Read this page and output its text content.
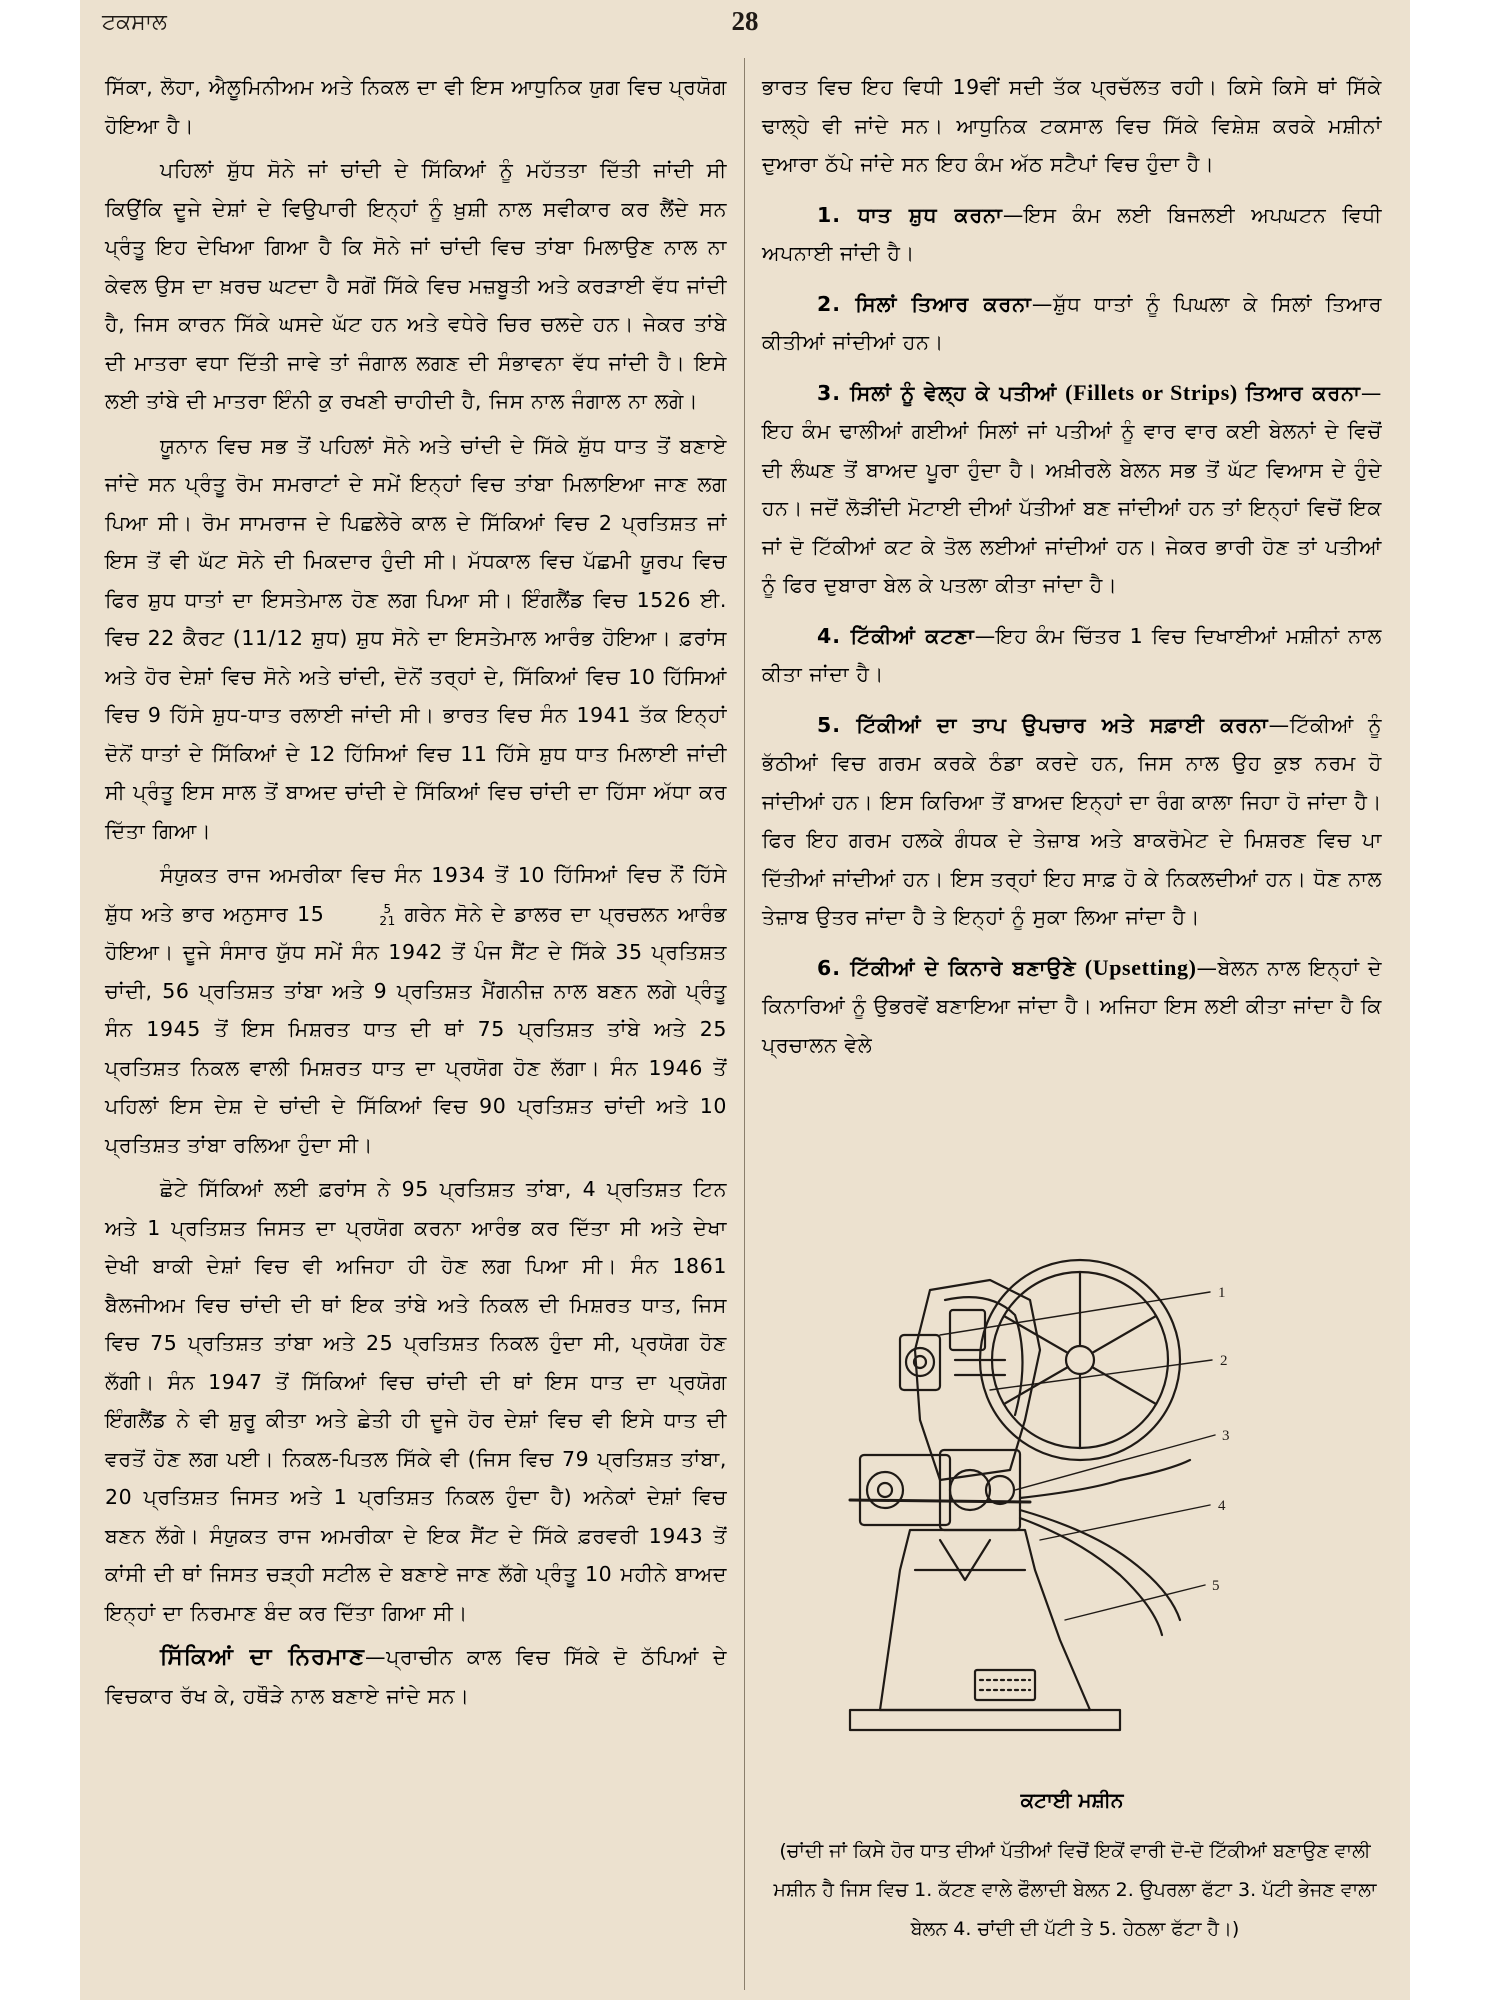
ਟਕਸਾਲ	28

ਸਿੱਕਾ, ਲੋਹਾ, ਐਲੂਮਿਨੀਅਮ ਅਤੇ ਨਿਕਲ ਦਾ ਵੀ ਇਸ ਆਧੁਨਿਕ ਯੁਗ ਵਿਚ ਪ੍ਰਯੋਗ ਹੋਇਆ ਹੈ।

ਪਹਿਲਾਂ ਸ਼ੁੱਧ ਸੋਨੇ ਜਾਂ ਚਾਂਦੀ ਦੇ ਸਿੱਕਿਆਂ ਨੂੰ ਮਹੱਤਤਾ ਦਿੱਤੀ ਜਾਂਦੀ ਸੀ ਕਿਉਂਕਿ ਦੂਜੇ ਦੇਸ਼ਾਂ ਦੇ ਵਿਉਪਾਰੀ ਇਨ੍ਹਾਂ ਨੂੰ ਖ਼ੁਸ਼ੀ ਨਾਲ ਸਵੀਕਾਰ ਕਰ ਲੈਂਦੇ ਸਨ ਪ੍ਰੰਤੂ ਇਹ ਦੇਖਿਆ ਗਿਆ ਹੈ ਕਿ ਸੋਨੇ ਜਾਂ ਚਾਂਦੀ ਵਿਚ ਤਾਂਬਾ ਮਿਲਾਉਣ ਨਾਲ ਨਾ ਕੇਵਲ ਉਸ ਦਾ ਖ਼ਰਚ ਘਟਦਾ ਹੈ ਸਗੋਂ ਸਿੱਕੇ ਵਿਚ ਮਜ਼ਬੂਤੀ ਅਤੇ ਕਰੜਾਈ ਵੱਧ ਜਾਂਦੀ ਹੈ, ਜਿਸ ਕਾਰਨ ਸਿੱਕੇ ਘਸਦੇ ਘੱਟ ਹਨ ਅਤੇ ਵਧੇਰੇ ਚਿਰ ਚਲਦੇ ਹਨ। ਜੇਕਰ ਤਾਂਬੇ ਦੀ ਮਾਤਰਾ ਵਧਾ ਦਿੱਤੀ ਜਾਵੇ ਤਾਂ ਜੰਗਾਲ ਲਗਣ ਦੀ ਸੰਭਾਵਨਾ ਵੱਧ ਜਾਂਦੀ ਹੈ। ਇਸੇ ਲਈ ਤਾਂਬੇ ਦੀ ਮਾਤਰਾ ਇੰਨੀ ਕੁ ਰਖਣੀ ਚਾਹੀਦੀ ਹੈ, ਜਿਸ ਨਾਲ ਜੰਗਾਲ ਨਾ ਲਗੇ।

ਯੂਨਾਨ ਵਿਚ ਸਭ ਤੋਂ ਪਹਿਲਾਂ ਸੋਨੇ ਅਤੇ ਚਾਂਦੀ ਦੇ ਸਿੱਕੇ ਸ਼ੁੱਧ ਧਾਤ ਤੋਂ ਬਣਾਏ ਜਾਂਦੇ ਸਨ ਪ੍ਰੰਤੂ ਰੋਮ ਸਮਰਾਟਾਂ ਦੇ ਸਮੇਂ ਇਨ੍ਹਾਂ ਵਿਚ ਤਾਂਬਾ ਮਿਲਾਇਆ ਜਾਣ ਲਗ ਪਿਆ ਸੀ। ਰੋਮ ਸਾਮਰਾਜ ਦੇ ਪਿਛਲੇਰੇ ਕਾਲ ਦੇ ਸਿੱਕਿਆਂ ਵਿਚ 2 ਪ੍ਰਤਿਸ਼ਤ ਜਾਂ ਇਸ ਤੋਂ ਵੀ ਘੱਟ ਸੋਨੇ ਦੀ ਮਿਕਦਾਰ ਹੁੰਦੀ ਸੀ। ਮੱਧਕਾਲ ਵਿਚ ਪੱਛਮੀ ਯੂਰਪ ਵਿਚ ਫਿਰ ਸ਼ੁਧ ਧਾਤਾਂ ਦਾ ਇਸਤੇਮਾਲ ਹੋਣ ਲਗ ਪਿਆ ਸੀ। ਇੰਗਲੈਂਡ ਵਿਚ 1526 ਈ. ਵਿਚ 22 ਕੈਰਟ (11/12 ਸ਼ੁਧ) ਸ਼ੁਧ ਸੋਨੇ ਦਾ ਇਸਤੇਮਾਲ ਆਰੰਭ ਹੋਇਆ। ਫ਼ਰਾਂਸ ਅਤੇ ਹੋਰ ਦੇਸ਼ਾਂ ਵਿਚ ਸੋਨੇ ਅਤੇ ਚਾਂਦੀ, ਦੋਨੋਂ ਤਰ੍ਹਾਂ ਦੇ, ਸਿੱਕਿਆਂ ਵਿਚ 10 ਹਿੱਸਿਆਂ ਵਿਚ 9 ਹਿੱਸੇ ਸ਼ੁਧ-ਧਾਤ ਰਲਾਈ ਜਾਂਦੀ ਸੀ। ਭਾਰਤ ਵਿਚ ਸੰਨ 1941 ਤੱਕ ਇਨ੍ਹਾਂ ਦੋਨੋਂ ਧਾਤਾਂ ਦੇ ਸਿੱਕਿਆਂ ਦੇ 12 ਹਿੱਸਿਆਂ ਵਿਚ 11 ਹਿੱਸੇ ਸ਼ੁਧ ਧਾਤ ਮਿਲਾਈ ਜਾਂਦੀ ਸੀ ਪ੍ਰੰਤੂ ਇਸ ਸਾਲ ਤੋਂ ਬਾਅਦ ਚਾਂਦੀ ਦੇ ਸਿੱਕਿਆਂ ਵਿਚ ਚਾਂਦੀ ਦਾ ਹਿੱਸਾ ਅੱਧਾ ਕਰ ਦਿੱਤਾ ਗਿਆ।

ਸੰਯੁਕਤ ਰਾਜ ਅਮਰੀਕਾ ਵਿਚ ਸੰਨ 1934 ਤੋਂ 10 ਹਿੱਸਿਆਂ ਵਿਚ ਨੌਂ ਹਿੱਸੇ ਸ਼ੁੱਧ ਅਤੇ ਭਾਰ ਅਨੁਸਾਰ 15	5
21 ਗਰੇਨ ਸੋਨੇ ਦੇ ਡਾਲਰ ਦਾ ਪ੍ਰਚਲਨ ਆਰੰਭ ਹੋਇਆ। ਦੂਜੇ ਸੰਸਾਰ ਯੁੱਧ ਸਮੇਂ ਸੰਨ 1942 ਤੋਂ ਪੰਜ ਸੈਂਟ ਦੇ ਸਿੱਕੇ 35 ਪ੍ਰਤਿਸ਼ਤ ਚਾਂਦੀ, 56 ਪ੍ਰਤਿਸ਼ਤ ਤਾਂਬਾ ਅਤੇ 9 ਪ੍ਰਤਿਸ਼ਤ ਮੈਂਗਨੀਜ਼ ਨਾਲ ਬਣਨ ਲਗੇ ਪ੍ਰੰਤੂ ਸੰਨ 1945 ਤੋਂ ਇਸ ਮਿਸ਼ਰਤ ਧਾਤ ਦੀ ਥਾਂ 75 ਪ੍ਰਤਿਸ਼ਤ ਤਾਂਬੇ ਅਤੇ 25 ਪ੍ਰਤਿਸ਼ਤ ਨਿਕਲ ਵਾਲੀ ਮਿਸ਼ਰਤ ਧਾਤ ਦਾ ਪ੍ਰਯੋਗ ਹੋਣ ਲੱਗਾ। ਸੰਨ 1946 ਤੋਂ ਪਹਿਲਾਂ ਇਸ ਦੇਸ਼ ਦੇ ਚਾਂਦੀ ਦੇ ਸਿੱਕਿਆਂ ਵਿਚ 90 ਪ੍ਰਤਿਸ਼ਤ ਚਾਂਦੀ ਅਤੇ 10 ਪ੍ਰਤਿਸ਼ਤ ਤਾਂਬਾ ਰਲਿਆ ਹੁੰਦਾ ਸੀ।

ਛੋਟੇ ਸਿੱਕਿਆਂ ਲਈ ਫ਼ਰਾਂਸ ਨੇ 95 ਪ੍ਰਤਿਸ਼ਤ ਤਾਂਬਾ, 4 ਪ੍ਰਤਿਸ਼ਤ ਟਿਨ ਅਤੇ 1 ਪ੍ਰਤਿਸ਼ਤ ਜਿਸਤ ਦਾ ਪ੍ਰਯੋਗ ਕਰਨਾ ਆਰੰਭ ਕਰ ਦਿੱਤਾ ਸੀ ਅਤੇ ਦੇਖਾ ਦੇਖੀ ਬਾਕੀ ਦੇਸ਼ਾਂ ਵਿਚ ਵੀ ਅਜਿਹਾ ਹੀ ਹੋਣ ਲਗ ਪਿਆ ਸੀ। ਸੰਨ 1861 ਬੈਲਜੀਅਮ ਵਿਚ ਚਾਂਦੀ ਦੀ ਥਾਂ ਇਕ ਤਾਂਬੇ ਅਤੇ ਨਿਕਲ ਦੀ ਮਿਸ਼ਰਤ ਧਾਤ, ਜਿਸ ਵਿਚ 75 ਪ੍ਰਤਿਸ਼ਤ ਤਾਂਬਾ ਅਤੇ 25 ਪ੍ਰਤਿਸ਼ਤ ਨਿਕਲ ਹੁੰਦਾ ਸੀ, ਪ੍ਰਯੋਗ ਹੋਣ ਲੱਗੀ। ਸੰਨ 1947 ਤੋਂ ਸਿੱਕਿਆਂ ਵਿਚ ਚਾਂਦੀ ਦੀ ਥਾਂ ਇਸ ਧਾਤ ਦਾ ਪ੍ਰਯੋਗ ਇੰਗਲੈਂਡ ਨੇ ਵੀ ਸ਼ੁਰੂ ਕੀਤਾ ਅਤੇ ਛੇਤੀ ਹੀ ਦੂਜੇ ਹੋਰ ਦੇਸ਼ਾਂ ਵਿਚ ਵੀ ਇਸੇ ਧਾਤ ਦੀ ਵਰਤੋਂ ਹੋਣ ਲਗ ਪਈ। ਨਿਕਲ-ਪਿਤਲ ਸਿੱਕੇ ਵੀ (ਜਿਸ ਵਿਚ 79 ਪ੍ਰਤਿਸ਼ਤ ਤਾਂਬਾ, 20 ਪ੍ਰਤਿਸ਼ਤ ਜਿਸਤ ਅਤੇ 1 ਪ੍ਰਤਿਸ਼ਤ ਨਿਕਲ ਹੁੰਦਾ ਹੈ) ਅਨੇਕਾਂ ਦੇਸ਼ਾਂ ਵਿਚ ਬਣਨ ਲੱਗੇ। ਸੰਯੁਕਤ ਰਾਜ ਅਮਰੀਕਾ ਦੇ ਇਕ ਸੈਂਟ ਦੇ ਸਿੱਕੇ ਫ਼ਰਵਰੀ 1943 ਤੋਂ ਕਾਂਸੀ ਦੀ ਥਾਂ ਜਿਸਤ ਚੜ੍ਹੀ ਸਟੀਲ ਦੇ ਬਣਾਏ ਜਾਣ ਲੱਗੇ ਪ੍ਰੰਤੂ 10 ਮਹੀਨੇ ਬਾਅਦ ਇਨ੍ਹਾਂ ਦਾ ਨਿਰਮਾਣ ਬੰਦ ਕਰ ਦਿੱਤਾ ਗਿਆ ਸੀ।

ਸਿੱਕਿਆਂ ਦਾ ਨਿਰਮਾਣ—ਪ੍ਰਾਚੀਨ ਕਾਲ ਵਿਚ ਸਿੱਕੇ ਦੋ ਠੱਪਿਆਂ ਦੇ ਵਿਚਕਾਰ ਰੱਖ ਕੇ, ਹਥੌੜੇ ਨਾਲ ਬਣਾਏ ਜਾਂਦੇ ਸਨ।

ਭਾਰਤ ਵਿਚ ਇਹ ਵਿਧੀ 19ਵੀਂ ਸਦੀ ਤੱਕ ਪ੍ਰਚੱਲਤ ਰਹੀ। ਕਿਸੇ ਕਿਸੇ ਥਾਂ ਸਿੱਕੇ ਢਾਲ੍ਹੇ ਵੀ ਜਾਂਦੇ ਸਨ। ਆਧੁਨਿਕ ਟਕਸਾਲ ਵਿਚ ਸਿੱਕੇ ਵਿਸ਼ੇਸ਼ ਕਰਕੇ ਮਸ਼ੀਨਾਂ ਦੁਆਰਾ ਠੱਪੇ ਜਾਂਦੇ ਸਨ ਇਹ ਕੰਮ ਅੱਠ ਸਟੈਪਾਂ ਵਿਚ ਹੁੰਦਾ ਹੈ।

1. ਧਾਤ ਸ਼ੁਧ ਕਰਨਾ—ਇਸ ਕੰਮ ਲਈ ਬਿਜਲਈ ਅਪਘਟਨ ਵਿਧੀ ਅਪਨਾਈ ਜਾਂਦੀ ਹੈ।

2. ਸਿਲਾਂ ਤਿਆਰ ਕਰਨਾ—ਸ਼ੁੱਧ ਧਾਤਾਂ ਨੂੰ ਪਿਘਲਾ ਕੇ ਸਿਲਾਂ ਤਿਆਰ ਕੀਤੀਆਂ ਜਾਂਦੀਆਂ ਹਨ।

3. ਸਿਲਾਂ ਨੂੰ ਵੇਲ੍ਹ ਕੇ ਪਤੀਆਂ (Fillets or Strips) ਤਿਆਰ ਕਰਨਾ—ਇਹ ਕੰਮ ਢਾਲੀਆਂ ਗਈਆਂ ਸਿਲਾਂ ਜਾਂ ਪਤੀਆਂ ਨੂੰ ਵਾਰ ਵਾਰ ਕਈ ਬੇਲਨਾਂ ਦੇ ਵਿਚੋਂ ਦੀ ਲੰਘਣ ਤੋਂ ਬਾਅਦ ਪੂਰਾ ਹੁੰਦਾ ਹੈ। ਅਖ਼ੀਰਲੇ ਬੇਲਨ ਸਭ ਤੋਂ ਘੱਟ ਵਿਆਸ ਦੇ ਹੁੰਦੇ ਹਨ। ਜਦੋਂ ਲੋੜੀਂਦੀ ਮੋਟਾਈ ਦੀਆਂ ਪੱਤੀਆਂ ਬਣ ਜਾਂਦੀਆਂ ਹਨ ਤਾਂ ਇਨ੍ਹਾਂ ਵਿਚੋਂ ਇਕ ਜਾਂ ਦੋ ਟਿੱਕੀਆਂ ਕਟ ਕੇ ਤੋਲ ਲਈਆਂ ਜਾਂਦੀਆਂ ਹਨ। ਜੇਕਰ ਭਾਰੀ ਹੋਣ ਤਾਂ ਪਤੀਆਂ ਨੂੰ ਫਿਰ ਦੁਬਾਰਾ ਬੇਲ ਕੇ ਪਤਲਾ ਕੀਤਾ ਜਾਂਦਾ ਹੈ।

4. ਟਿੱਕੀਆਂ ਕਟਣਾ—ਇਹ ਕੰਮ ਚਿੱਤਰ 1 ਵਿਚ ਦਿਖਾਈਆਂ ਮਸ਼ੀਨਾਂ ਨਾਲ ਕੀਤਾ ਜਾਂਦਾ ਹੈ।

5. ਟਿੱਕੀਆਂ ਦਾ ਤਾਪ ਉਪਚਾਰ ਅਤੇ ਸਫ਼ਾਈ ਕਰਨਾ—ਟਿੱਕੀਆਂ ਨੂੰ ਭੱਠੀਆਂ ਵਿਚ ਗਰਮ ਕਰਕੇ ਠੰਡਾ ਕਰਦੇ ਹਨ, ਜਿਸ ਨਾਲ ਉਹ ਕੁਝ ਨਰਮ ਹੋ ਜਾਂਦੀਆਂ ਹਨ। ਇਸ ਕਿਰਿਆ ਤੋਂ ਬਾਅਦ ਇਨ੍ਹਾਂ ਦਾ ਰੰਗ ਕਾਲਾ ਜਿਹਾ ਹੋ ਜਾਂਦਾ ਹੈ। ਫਿਰ ਇਹ ਗਰਮ ਹਲਕੇ ਗੰਧਕ ਦੇ ਤੇਜ਼ਾਬ ਅਤੇ ਬਾਕਰੋਮੇਟ ਦੇ ਮਿਸ਼ਰਣ ਵਿਚ ਪਾ ਦਿੱਤੀਆਂ ਜਾਂਦੀਆਂ ਹਨ। ਇਸ ਤਰ੍ਹਾਂ ਇਹ ਸਾਫ਼ ਹੋ ਕੇ ਨਿਕਲਦੀਆਂ ਹਨ। ਧੋਣ ਨਾਲ ਤੇਜ਼ਾਬ ਉਤਰ ਜਾਂਦਾ ਹੈ ਤੇ ਇਨ੍ਹਾਂ ਨੂੰ ਸੁਕਾ ਲਿਆ ਜਾਂਦਾ ਹੈ।

6. ਟਿੱਕੀਆਂ ਦੇ ਕਿਨਾਰੇ ਬਣਾਉਣੇ (Upsetting)—ਬੇਲਨ ਨਾਲ ਇਨ੍ਹਾਂ ਦੇ ਕਿਨਾਰਿਆਂ ਨੂੰ ਉਭਰਵੇਂ ਬਣਾਇਆ ਜਾਂਦਾ ਹੈ। ਅਜਿਹਾ ਇਸ ਲਈ ਕੀਤਾ ਜਾਂਦਾ ਹੈ ਕਿ ਪ੍ਰਚਾਲਨ ਵੇਲੇ

1
2
3
4
5
ਕਟਾਈ ਮਸ਼ੀਨ
(ਚਾਂਦੀ ਜਾਂ ਕਿਸੇ ਹੋਰ ਧਾਤ ਦੀਆਂ ਪੱਤੀਆਂ ਵਿਚੋਂ ਇਕੋਂ ਵਾਰੀ ਦੋ-ਦੋ ਟਿੱਕੀਆਂ ਬਣਾਉਣ ਵਾਲੀ ਮਸ਼ੀਨ ਹੈ ਜਿਸ ਵਿਚ 1. ਕੱਟਣ ਵਾਲੇ ਫੌਲਾਦੀ ਬੇਲਨ 2. ਉਪਰਲਾ ਫੱਟਾ 3. ਪੱਟੀ ਭੇਜਣ ਵਾਲਾ ਬੇਲਨ 4. ਚਾਂਦੀ ਦੀ ਪੱਟੀ ਤੇ 5. ਹੇਠਲਾ ਫੱਟਾ ਹੈ।)
